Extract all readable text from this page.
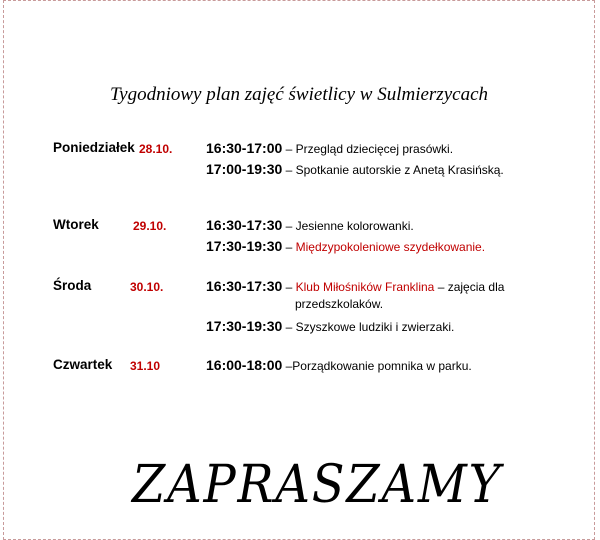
Tygodniowy plan zajęć świetlicy w Sulmierzycach
Poniedziałek 28.10. 16:30-17:00 – Przegląd dziecięcej prasówki.
17:00-19:30 – Spotkanie autorskie z Anetą Krasińską.
Wtorek	29.10.	16:30-17:30 – Jesienne kolorowanki.
17:30-19:30 – Międzypokoleniowe szydełkowanie.
Środa	30.10.	16:30-17:30 – Klub Miłośników Franklina – zajęcia dla
przedszkolaków.
17:30-19:30 – Szyszkowe ludziki i zwierzaki.
Czwartek 31.10	16:00-18:00 –Porządkowanie pomnika w parku.
ZAPRASZAMY
